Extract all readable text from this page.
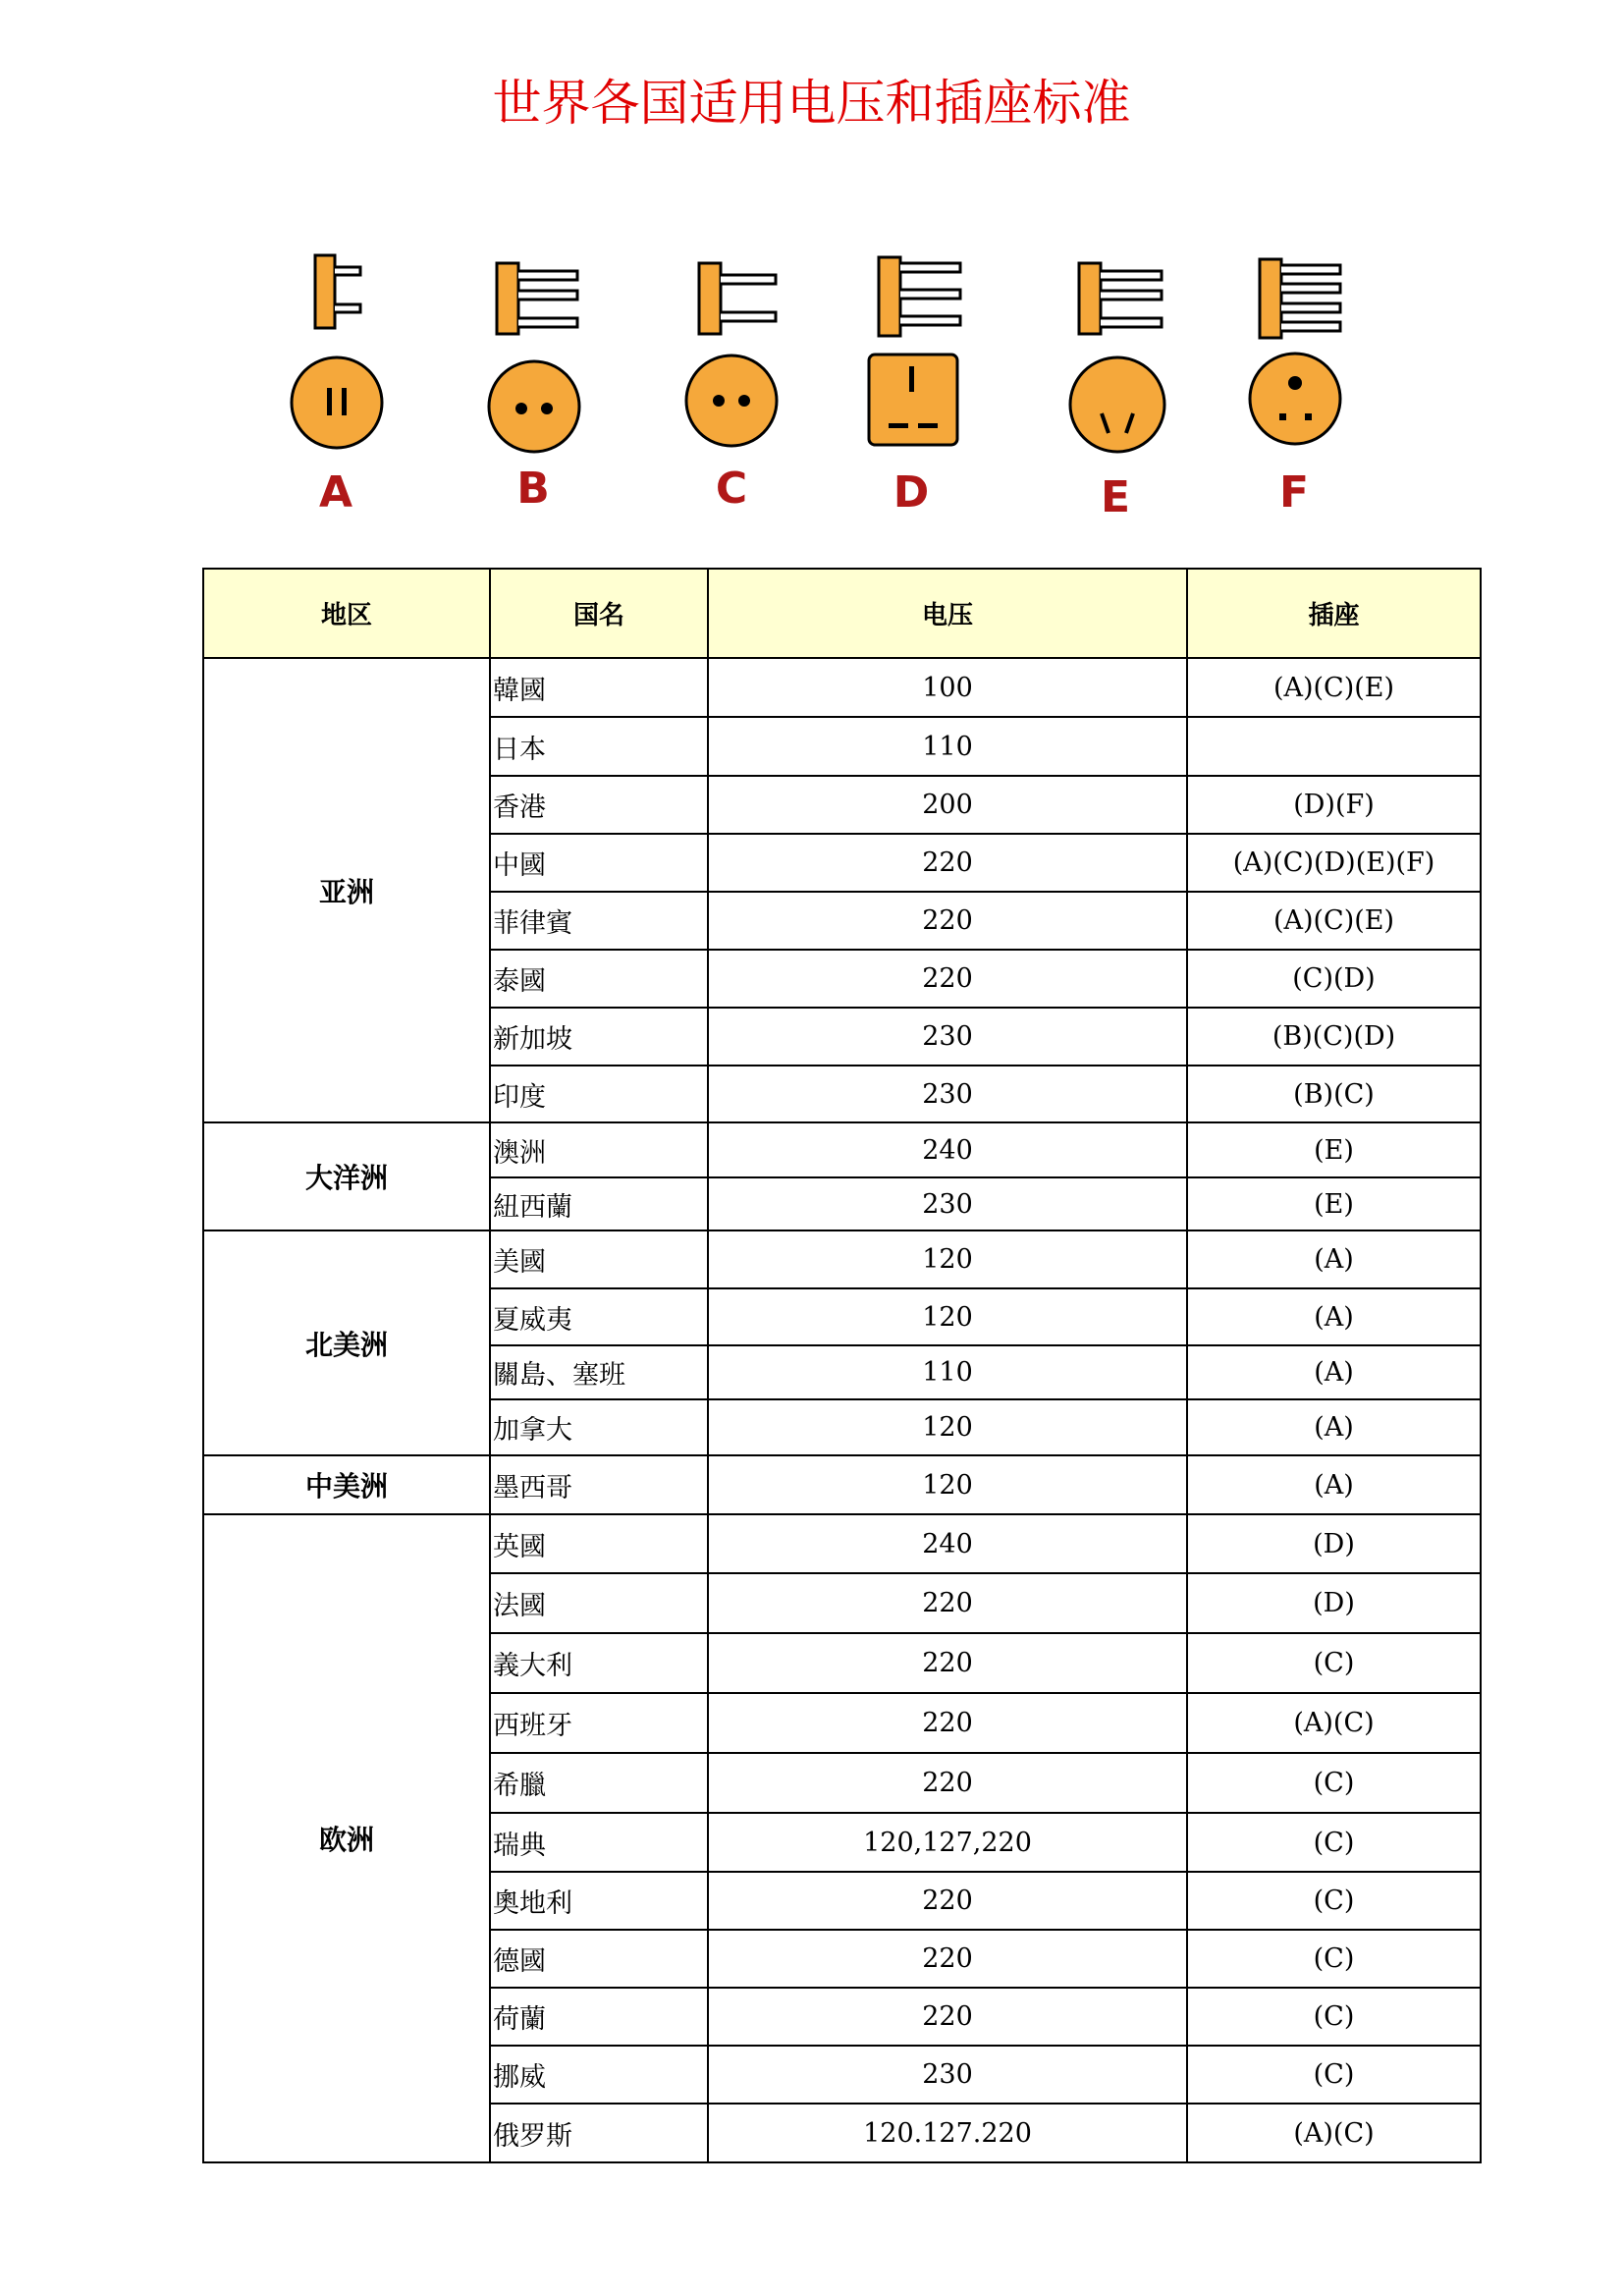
世界各国适用电压和插座标准
A	B	C	D	E	F
地区	国名	电压	插座
亚洲	韓國	100	(A)(C)(E)
	日本	110	
	香港	200	(D)(F)
	中國	220	(A)(C)(D)(E)(F)
	菲律賓	220	(A)(C)(E)
	泰國	220	(C)(D)
	新加坡	230	(B)(C)(D)
	印度	230	(B)(C)
大洋洲	澳洲	240	(E)
	紐西蘭	230	(E)
北美洲	美國	120	(A)
	夏威夷	120	(A)
	關島、塞班	110	(A)
	加拿大	120	(A)
中美洲	墨西哥	120	(A)
欧洲	英國	240	(D)
	法國	220	(D)
	義大利	220	(C)
	西班牙	220	(A)(C)
	希臘	220	(C)
	瑞典	120,127,220	(C)
	奧地利	220	(C)
	德國	220	(C)
	荷蘭	220	(C)
	挪威	230	(C)
	俄罗斯	120.127.220	(A)(C)
